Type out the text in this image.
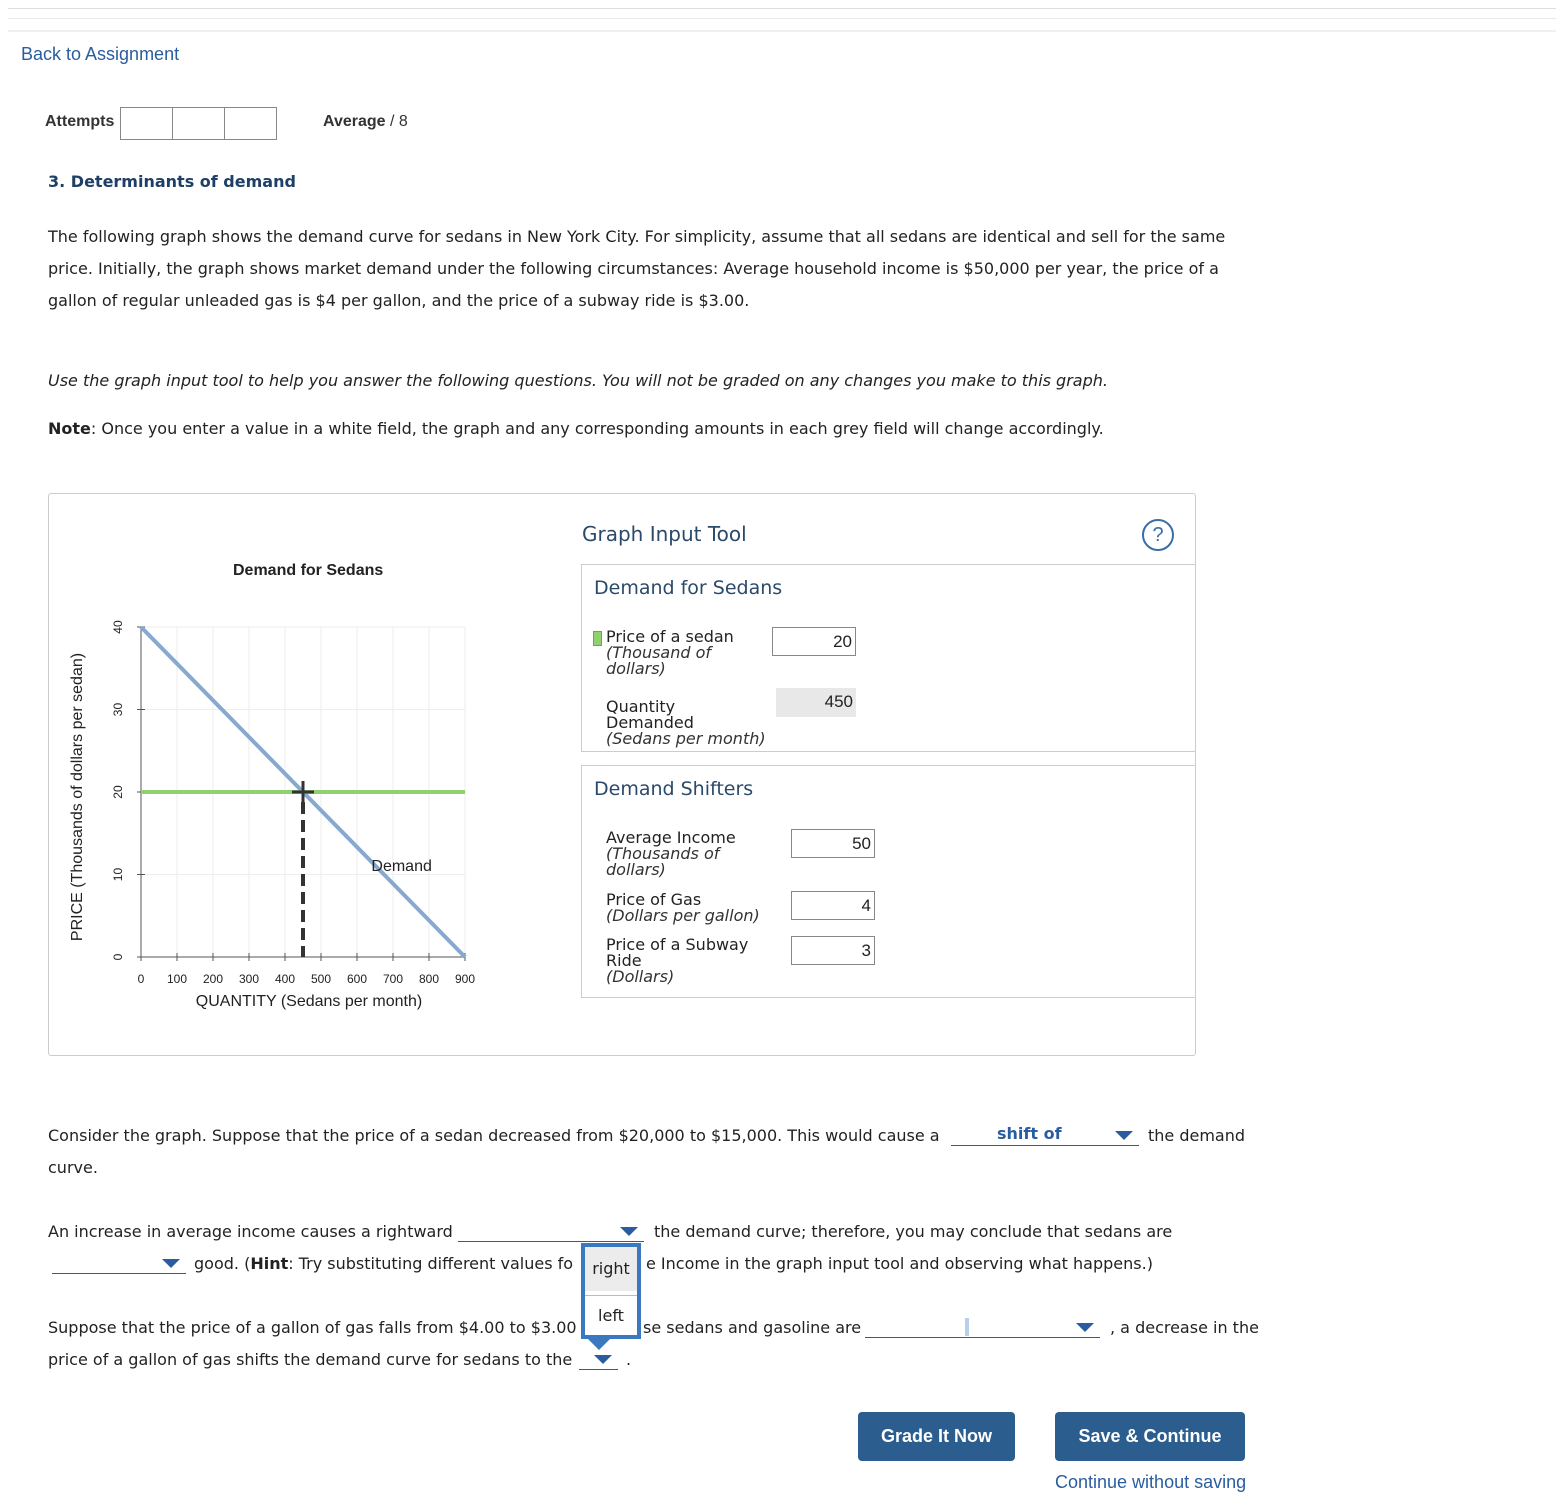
Back to Assignment
Attempts	Average / 8
3. Determinants of demand
The following graph shows the demand curve for sedans in New York City. For simplicity, assume that all sedans are identical and sell for the same
price. Initially, the graph shows market demand under the following circumstances: Average household income is $50,000 per year, the price of a
gallon of regular unleaded gas is $4 per gallon, and the price of a subway ride is $3.00.
Use the graph input tool to help you answer the following questions. You will not be graded on any changes you make to this graph.
Note: Once you enter a value in a white field, the graph and any corresponding amounts in each grey field will change accordingly.
Demand for Sedans
0 100 200 300 400 500 600 700 800 900
0
10
20
30
40
QUANTITY (Sedans per month)
PRICE (Thousands of dollars per sedan)	Demand
Graph Input Tool	?
Demand for Sedans
Price of a sedan
(Thousand of
dollars)
20
Quantity
Demanded
(Sedans per month)
450
Demand Shifters
Average Income
(Thousands of
dollars)
50
Price of Gas
(Dollars per gallon)
4
Price of a Subway
Ride
(Dollars)
3
Consider the graph. Suppose that the price of a sedan decreased from $20,000 to $15,000. This would cause a	shift of	the demand
curve.
An increase in average income causes a rightward	the demand curve; therefore, you may conclude that sedans are
good. (Hint: Try substituting different values fo	e Income in the graph input tool and observing what happens.)
Suppose that the price of a gallon of gas falls from $4.00 to $3.00	se sedans and gasoline are	, a decrease in the
price of a gallon of gas shifts the demand curve for sedans to the	.
right
left
Grade It Now	Save & Continue
Continue without saving
